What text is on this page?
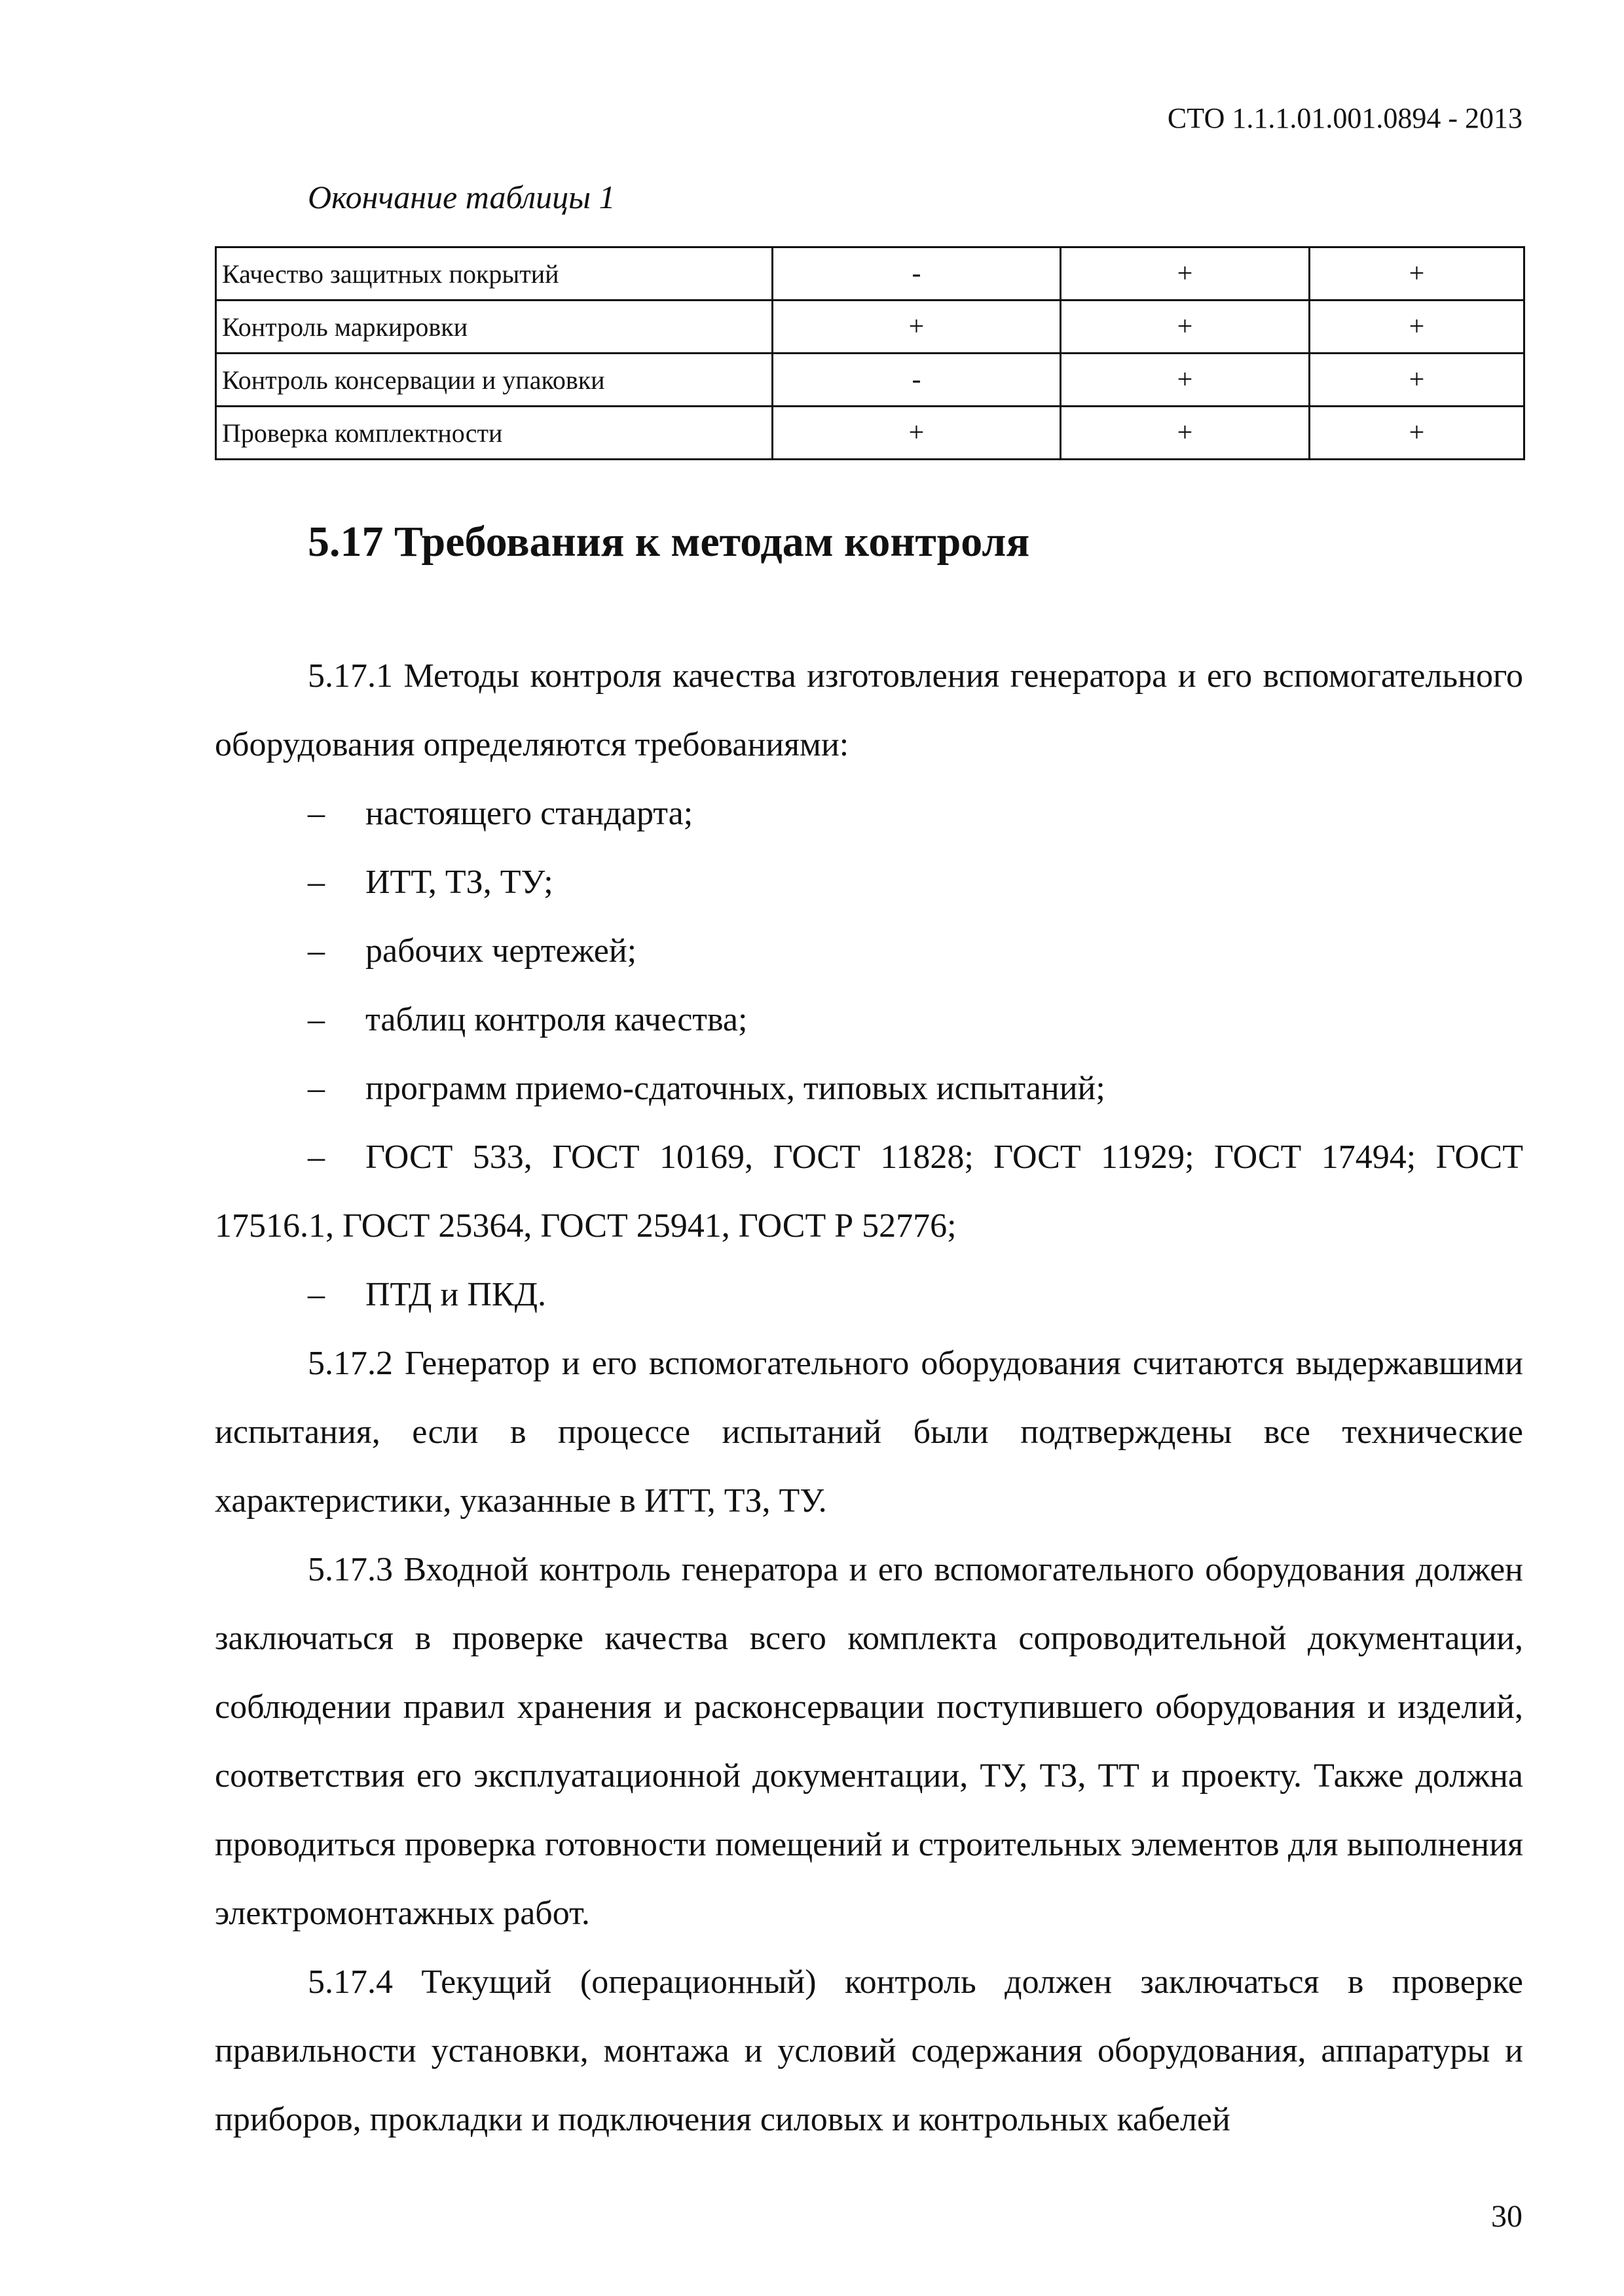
СТО 1.1.1.01.001.0894 - 2013
Окончание таблицы 1
Качество защитных покрытий	-	+	+
Контроль маркировки	+	+	+
Контроль консервации и упаковки	-	+	+
Проверка комплектности	+	+	+
5.17 Требования к методам контроля

5.17.1 Методы контроля качества изготовления генератора и его вспомогательного оборудования определяются требованиями:

– настоящего стандарта;

– ИТТ, ТЗ, ТУ;

– рабочих чертежей;

– таблиц контроля качества;

– программ приемо-сдаточных, типовых испытаний;

– ГОСТ 533, ГОСТ 10169, ГОСТ 11828; ГОСТ 11929; ГОСТ 17494; ГОСТ 17516.1, ГОСТ 25364, ГОСТ 25941, ГОСТ Р 52776;

– ПТД и ПКД.

5.17.2 Генератор и его вспомогательного оборудования считаются выдержавшими испытания, если в процессе испытаний были подтверждены все технические характеристики, указанные в ИТТ, ТЗ, ТУ.

5.17.3 Входной контроль генератора и его вспомогательного оборудования должен заключаться в проверке качества всего комплекта сопроводительной документации, соблюдении правил хранения и расконсервации поступившего оборудования и изделий, соответствия его эксплуатационной документации, ТУ, ТЗ, ТТ и проекту. Также должна проводиться проверка готовности помещений и строительных элементов для выполнения электромонтажных работ.

5.17.4 Текущий (операционный) контроль должен заключаться в проверке правильности установки, монтажа и условий содержания оборудования, аппаратуры и приборов, прокладки и подключения силовых и контрольных кабелей

30
